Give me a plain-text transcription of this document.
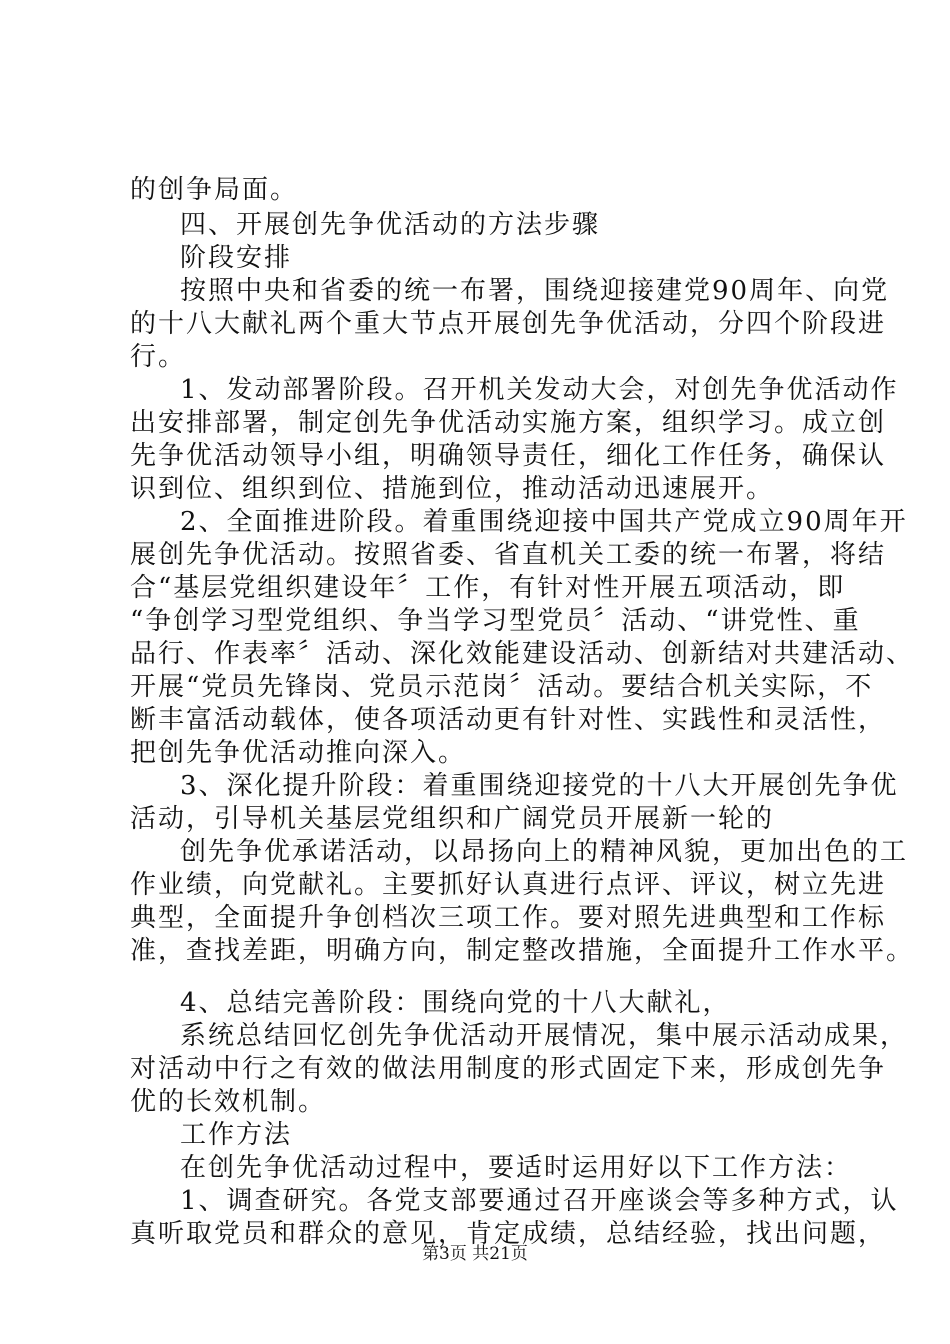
的创争局面。
四、开展创先争优活动的方法步骤
阶段安排
按照中央和省委的统一布署，围绕迎接建党90周年、向党
的十八大献礼两个重大节点开展创先争优活动，分四个阶段进
行。
1、发动部署阶段。召开机关发动大会，对创先争优活动作
出安排部署，制定创先争优活动实施方案，组织学习。成立创
先争优活动领导小组，明确领导责任，细化工作任务，确保认
识到位、组织到位、措施到位，推动活动迅速展开。
2、全面推进阶段。着重围绕迎接中国共产党成立90周年开
展创先争优活动。按照省委、省直机关工委的统一布署，将结
合“基层党组织建设年〞工作，有针对性开展五项活动，即
“争创学习型党组织、争当学习型党员〞活动、“讲党性、重
品行、作表率〞活动、深化效能建设活动、创新结对共建活动、
开展“党员先锋岗、党员示范岗〞活动。要结合机关实际，不
断丰富活动载体，使各项活动更有针对性、实践性和灵活性，
把创先争优活动推向深入。
3、深化提升阶段：着重围绕迎接党的十八大开展创先争优
活动，引导机关基层党组织和广阔党员开展新一轮的
创先争优承诺活动，以昂扬向上的精神风貌，更加出色的工
作业绩，向党献礼。主要抓好认真进行点评、评议，树立先进
典型，全面提升争创档次三项工作。要对照先进典型和工作标
准，查找差距，明确方向，制定整改措施，全面提升工作水平。
4、总结完善阶段：围绕向党的十八大献礼，
系统总结回忆创先争优活动开展情况，集中展示活动成果，
对活动中行之有效的做法用制度的形式固定下来，形成创先争
优的长效机制。
工作方法
在创先争优活动过程中，要适时运用好以下工作方法：
1、调查研究。各党支部要通过召开座谈会等多种方式，认
真听取党员和群众的意见，肯定成绩，总结经验，找出问题，
第3页 共21页
